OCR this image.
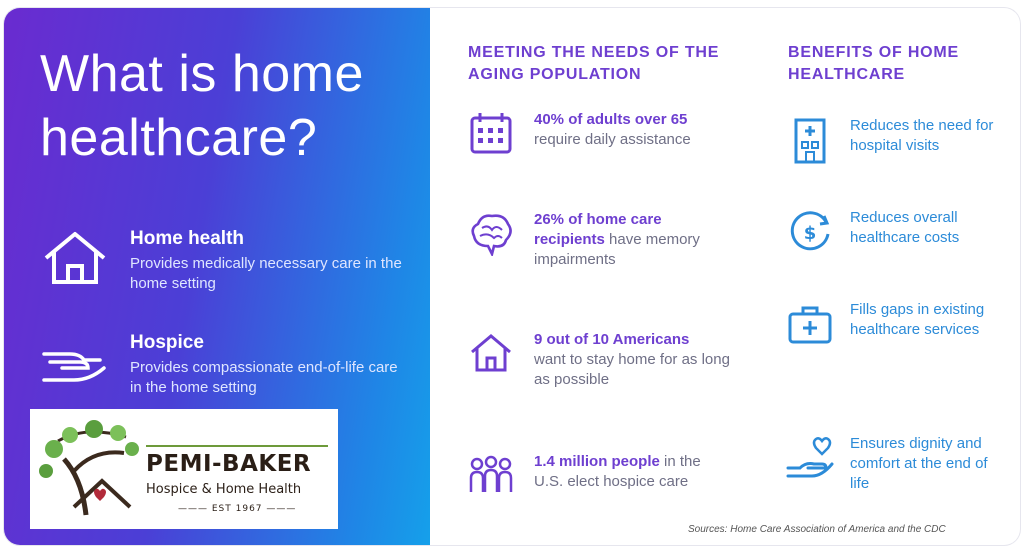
What is home healthcare?
Home health
Provides medically necessary care in the home setting
Hospice
Provides compassionate end-of-life care in the home setting
PEMI-BAKER
Hospice & Home Health
——— EST 1967 ———
MEETING THE NEEDS OF THE AGING POPULATION
BENEFITS OF HOME HEALTHCARE
40% of adults over 65
require daily assistance
26% of home care recipients have memory impairments
9 out of 10 Americans
want to stay home for as long as possible
1.4 million people in the U.S. elect hospice care
Reduces the need for hospital visits
$
Reduces overall healthcare costs
Fills gaps in existing healthcare services
Ensures dignity and comfort at the end of life
Sources: Home Care Association of America and the CDC
